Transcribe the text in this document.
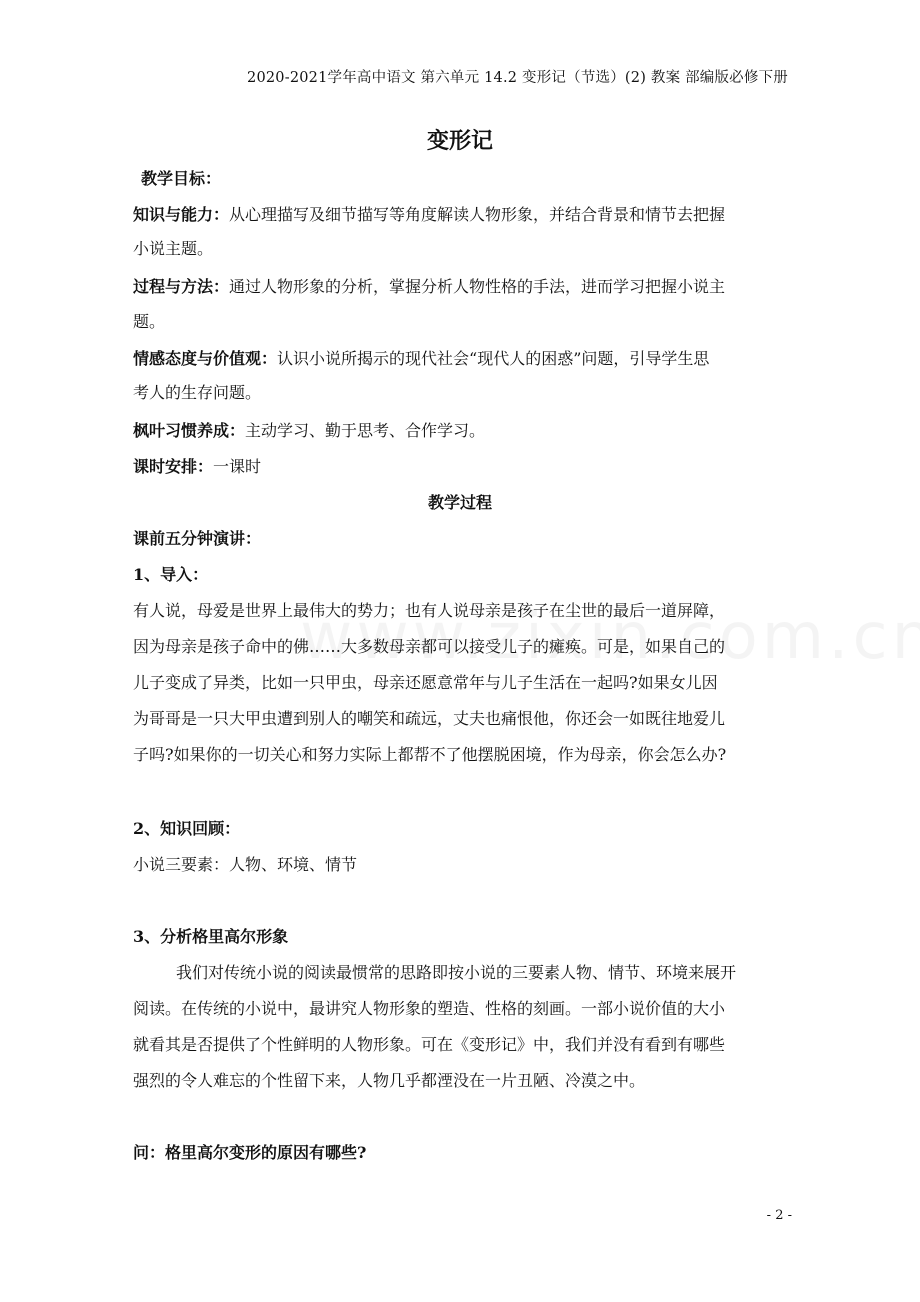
2020-2021学年高中语文 第六单元 14.2 变形记（节选）(2) 教案 部编版必修下册
变形记
教学目标：
知识与能力：从心理描写及细节描写等角度解读人物形象，并结合背景和情节去把握
小说主题。
过程与方法：通过人物形象的分析，掌握分析人物性格的手法，进而学习把握小说主
题。
情感态度与价值观：认识小说所揭示的现代社会“现代人的困惑”问题，引导学生思
考人的生存问题。
枫叶习惯养成：主动学习、勤于思考、合作学习。
课时安排：一课时
教学过程
课前五分钟演讲：
1、导入：
有人说，母爱是世界上最伟大的势力；也有人说母亲是孩子在尘世的最后一道屏障，
因为母亲是孩子命中的佛……大多数母亲都可以接受儿子的瘫痪。可是，如果自己的
儿子变成了异类，比如一只甲虫，母亲还愿意常年与儿子生活在一起吗?如果女儿因
为哥哥是一只大甲虫遭到别人的嘲笑和疏远，丈夫也痛恨他，你还会一如既往地爱儿
子吗?如果你的一切关心和努力实际上都帮不了他摆脱困境，作为母亲，你会怎么办?
2、知识回顾：
小说三要素：人物、环境、情节
3、分析格里高尔形象
我们对传统小说的阅读最惯常的思路即按小说的三要素人物、情节、环境来展开
阅读。在传统的小说中，最讲究人物形象的塑造、性格的刻画。一部小说价值的大小
就看其是否提供了个性鲜明的人物形象。可在《变形记》中，我们并没有看到有哪些
强烈的令人难忘的个性留下来，人物几乎都湮没在一片丑陋、冷漠之中。
问：格里高尔变形的原因有哪些?
- 2 -
